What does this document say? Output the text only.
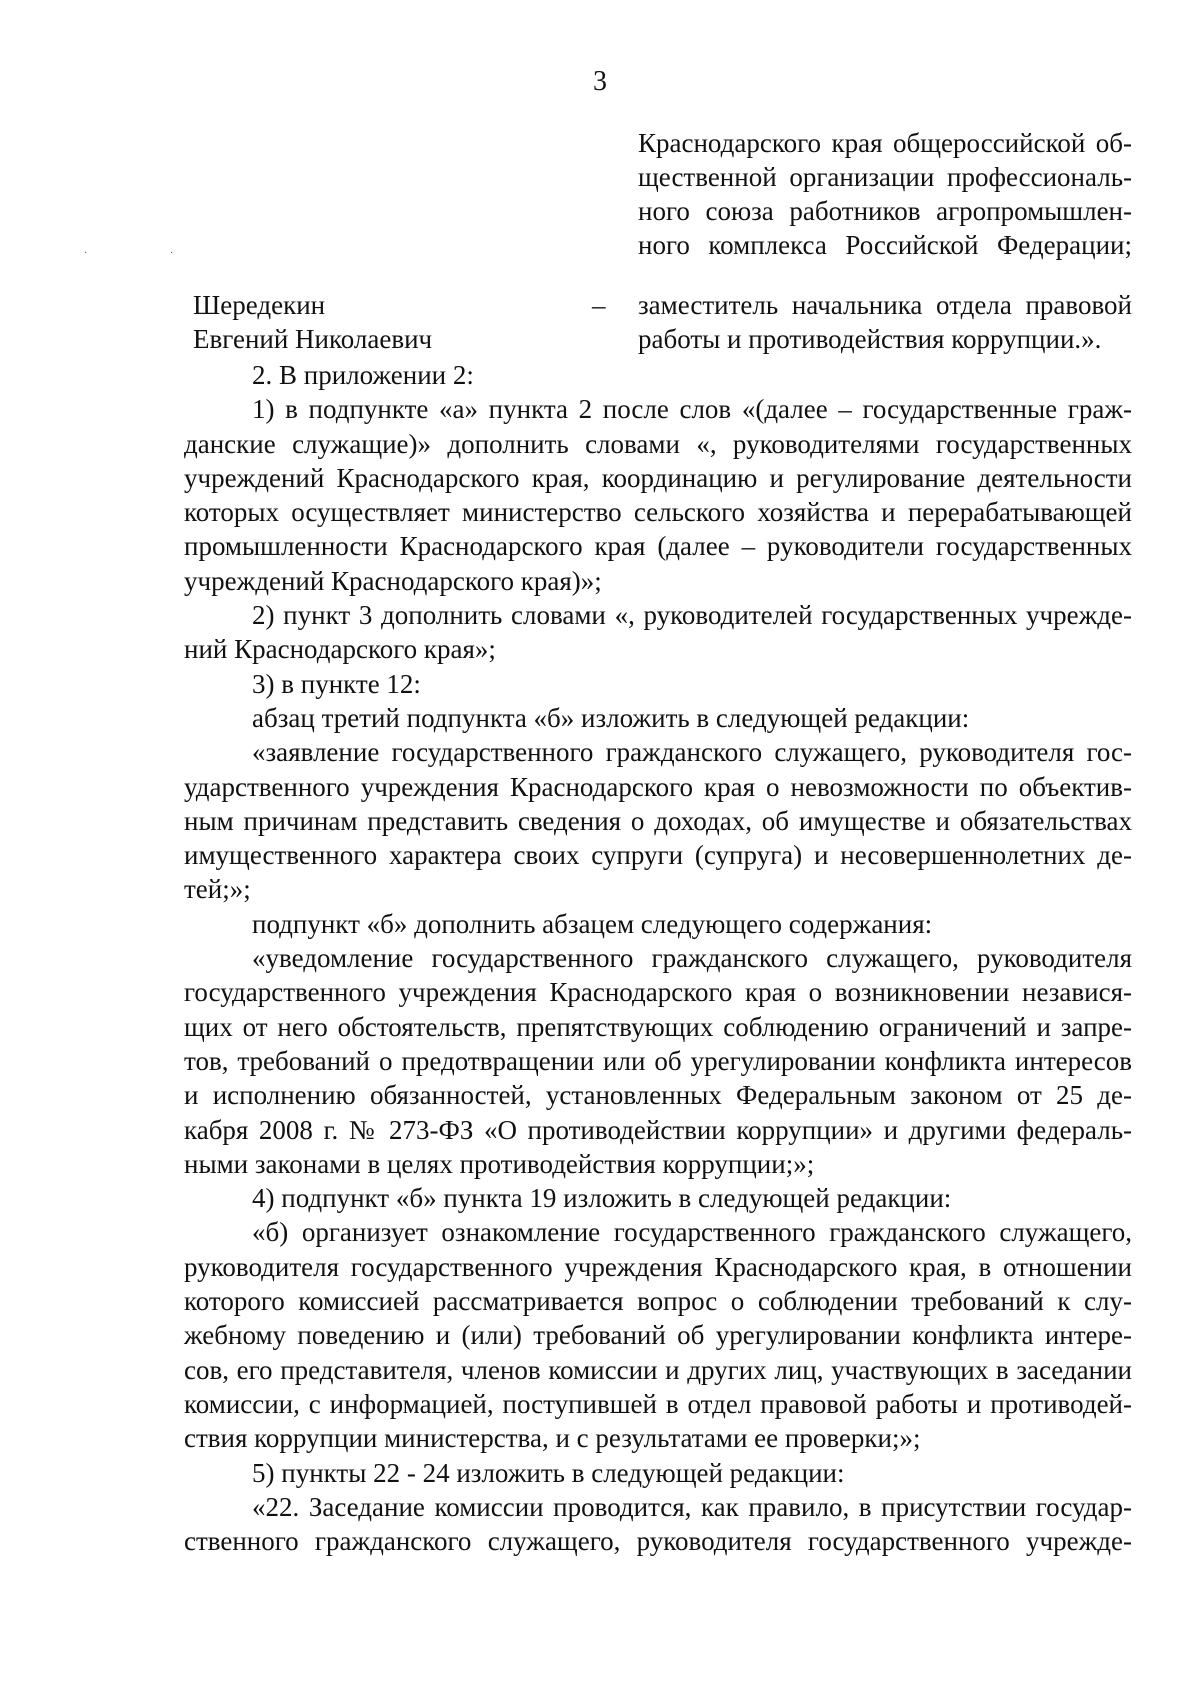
3
· ·
Краснодарского края общероссийской об-
щественной организации профессиональ-
ного союза работников агропромышлен-
ного комплекса Российской Федерации;
Шередекин
Евгений Николаевич
– заместитель начальника отдела правовой
работы и противодействия коррупции.».
2. В приложении 2:
1) в подпункте «а» пункта 2 после слов «(далее – государственные граж-
данские служащие)» дополнить словами «, руководителями государственных
учреждений Краснодарского края, координацию и регулирование деятельности
которых осуществляет министерство сельского хозяйства и перерабатывающей
промышленности Краснодарского края (далее – руководители государственных
учреждений Краснодарского края)»;
2) пункт 3 дополнить словами «, руководителей государственных учрежде-
ний Краснодарского края»;
3) в пункте 12:
абзац третий подпункта «б» изложить в следующей редакции:
«заявление государственного гражданского служащего, руководителя гос-
ударственного учреждения Краснодарского края о невозможности по объектив-
ным причинам представить сведения о доходах, об имуществе и обязательствах
имущественного характера своих супруги (супруга) и несовершеннолетних де-
тей;»;
подпункт «б» дополнить абзацем следующего содержания:
«уведомление государственного гражданского служащего, руководителя
государственного учреждения Краснодарского края о возникновении независя-
щих от него обстоятельств, препятствующих соблюдению ограничений и запре-
тов, требований о предотвращении или об урегулировании конфликта интересов
и исполнению обязанностей, установленных Федеральным законом от 25 де-
кабря 2008 г. № 273-ФЗ «О противодействии коррупции» и другими федераль-
ными законами в целях противодействия коррупции;»;
4) подпункт «б» пункта 19 изложить в следующей редакции:
«б) организует ознакомление государственного гражданского служащего,
руководителя государственного учреждения Краснодарского края, в отношении
которого комиссией рассматривается вопрос о соблюдении требований к слу-
жебному поведению и (или) требований об урегулировании конфликта интере-
сов, его представителя, членов комиссии и других лиц, участвующих в заседании
комиссии, с информацией, поступившей в отдел правовой работы и противодей-
ствия коррупции министерства, и с результатами ее проверки;»;
5) пункты 22 - 24 изложить в следующей редакции:
«22. Заседание комиссии проводится, как правило, в присутствии государ-
ственного гражданского служащего, руководителя государственного учрежде-
